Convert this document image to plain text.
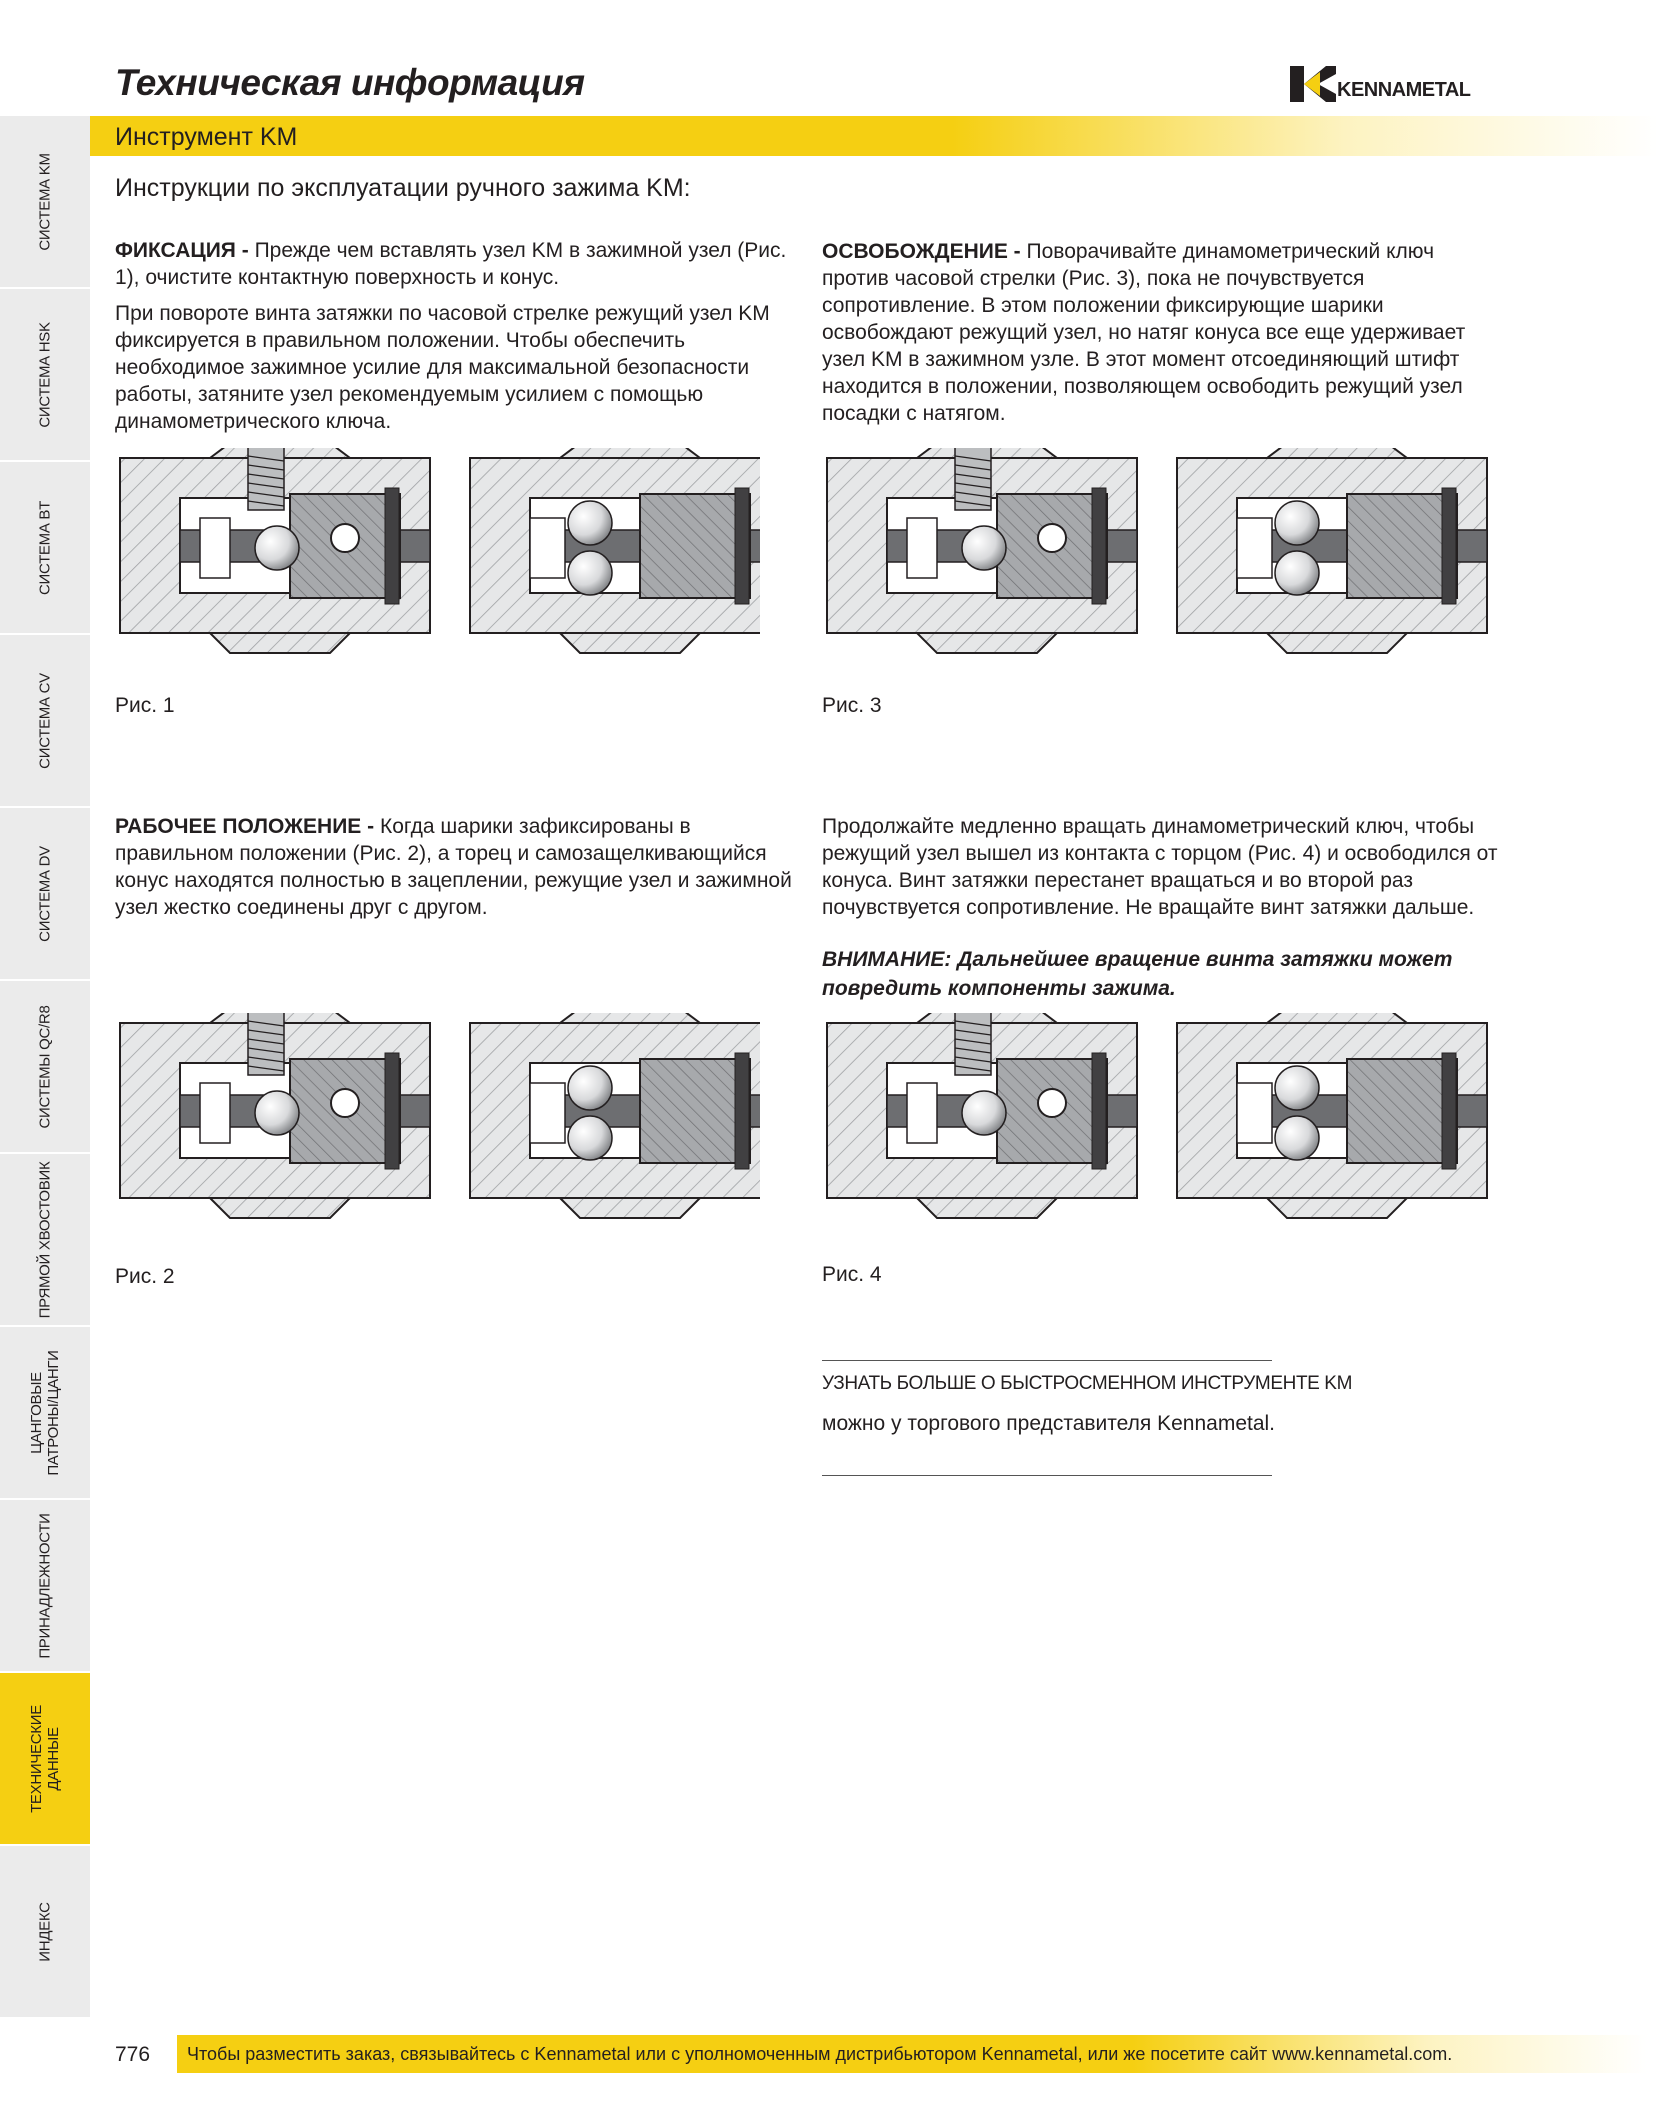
СИСТЕМА KM
СИСТЕМА HSK
СИСТЕМА BT
СИСТЕМА CV
СИСТЕМА DV
СИСТЕМЫ QC/R8
ПРЯМОЙ ХВОСТОВИК
ЦАНГОВЫЕ
ПАТРОНЫ/ЦАНГИ
ПРИНАДЛЕЖНОСТИ
ТЕХНИЧЕСКИЕ
ДАННЫЕ
ИНДЕКС
Техническая информация	KENNAMETAL
Инструмент KM
Инструкции по эксплуатации ручного зажима KM:

ФИКСАЦИЯ - Прежде чем вставлять узел KM в зажимной узел (Рис. 1), очистите контактную поверхность и конус.

При повороте винта затяжки по часовой стрелке режущий узел KM фиксируется в правильном положении. Чтобы обеспечить необходимое зажимное усилие для максимальной безопасности работы, затяните узел рекомендуемым усилием с помощью динамометрического ключа.

ОСВОБОЖДЕНИЕ - Поворачивайте динамометрический ключ против часовой стрелки (Рис. 3), пока не почувствуется сопротивление. В этом положении фиксирующие шарики освобождают режущий узел, но натяг конуса все еще удерживает узел KM в зажимном узле. В этот момент отсоединяющий штифт находится в положении, позволяющем освободить режущий узел посадки с натягом.

Рис. 1	Рис. 3

РАБОЧЕЕ ПОЛОЖЕНИЕ - Когда шарики зафиксированы в правильном положении (Рис. 2), а торец и самозащелкивающийся конус находятся полностью в зацеплении, режущие узел и зажимной узел жестко соединены друг с другом.

Продолжайте медленно вращать динамометрический ключ, чтобы режущий узел вышел из контакта с торцом (Рис. 4) и освободился от конуса. Винт затяжки перестанет вращаться и во второй раз почувствуется сопротивление. Не вращайте винт затяжки дальше.

ВНИМАНИЕ: Дальнейшее вращение винта затяжки может повредить компоненты зажима.
Рис. 2	Рис. 4
УЗНАТЬ БОЛЬШЕ О БЫСТРОСМЕННОМ ИНСТРУМЕНТЕ KM
можно у торгового представителя Kennametal.
776 Чтобы разместить заказ, связывайтесь с Kennametal или с уполномоченным дистрибьютором Kennametal, или же посетите сайт www.kennametal.com.
